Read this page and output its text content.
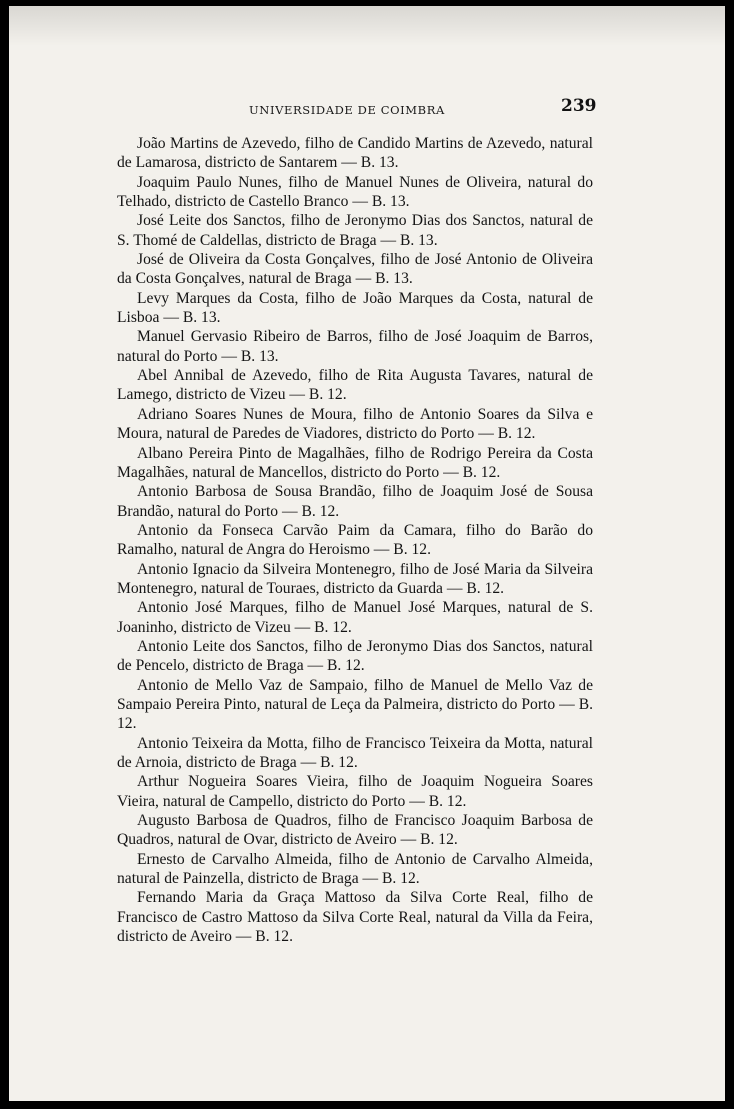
UNIVERSIDADE DE COIMBRA	239
João Martins de Azevedo, filho de Candido Martins de Azevedo, natural de Lamarosa, districto de Santarem — B. 13.
Joaquim Paulo Nunes, filho de Manuel Nunes de Oliveira, natural do Telhado, districto de Castello Branco — B. 13.
José Leite dos Sanctos, filho de Jeronymo Dias dos Sanctos, natural de S. Thomé de Caldellas, districto de Braga — B. 13.
José de Oliveira da Costa Gonçalves, filho de José Antonio de Oliveira da Costa Gonçalves, natural de Braga — B. 13.
Levy Marques da Costa, filho de João Marques da Costa, natural de Lisboa — B. 13.
Manuel Gervasio Ribeiro de Barros, filho de José Joaquim de Barros, natural do Porto — B. 13.
Abel Annibal de Azevedo, filho de Rita Augusta Tavares, natural de Lamego, districto de Vizeu — B. 12.
Adriano Soares Nunes de Moura, filho de Antonio Soares da Silva e Moura, natural de Paredes de Viadores, districto do Porto — B. 12.
Albano Pereira Pinto de Magalhães, filho de Rodrigo Pereira da Costa Magalhães, natural de Mancellos, districto do Porto — B. 12.
Antonio Barbosa de Sousa Brandão, filho de Joaquim José de Sousa Brandão, natural do Porto — B. 12.
Antonio da Fonseca Carvão Paim da Camara, filho do Barão do Ramalho, natural de Angra do Heroismo — B. 12.
Antonio Ignacio da Silveira Montenegro, filho de José Maria da Silveira Montenegro, natural de Touraes, districto da Guarda — B. 12.
Antonio José Marques, filho de Manuel José Marques, natural de S. Joaninho, districto de Vizeu — B. 12.
Antonio Leite dos Sanctos, filho de Jeronymo Dias dos Sanctos, natural de Pencelo, districto de Braga — B. 12.
Antonio de Mello Vaz de Sampaio, filho de Manuel de Mello Vaz de Sampaio Pereira Pinto, natural de Leça da Palmeira, districto do Porto — B. 12.
Antonio Teixeira da Motta, filho de Francisco Teixeira da Motta, natural de Arnoia, districto de Braga — B. 12.
Arthur Nogueira Soares Vieira, filho de Joaquim Nogueira Soares Vieira, natural de Campello, districto do Porto — B. 12.
Augusto Barbosa de Quadros, filho de Francisco Joaquim Barbosa de Quadros, natural de Ovar, districto de Aveiro — B. 12.
Ernesto de Carvalho Almeida, filho de Antonio de Carvalho Almeida, natural de Painzella, districto de Braga — B. 12.
Fernando Maria da Graça Mattoso da Silva Corte Real, filho de Francisco de Castro Mattoso da Silva Corte Real, natural da Villa da Feira, districto de Aveiro — B. 12.
